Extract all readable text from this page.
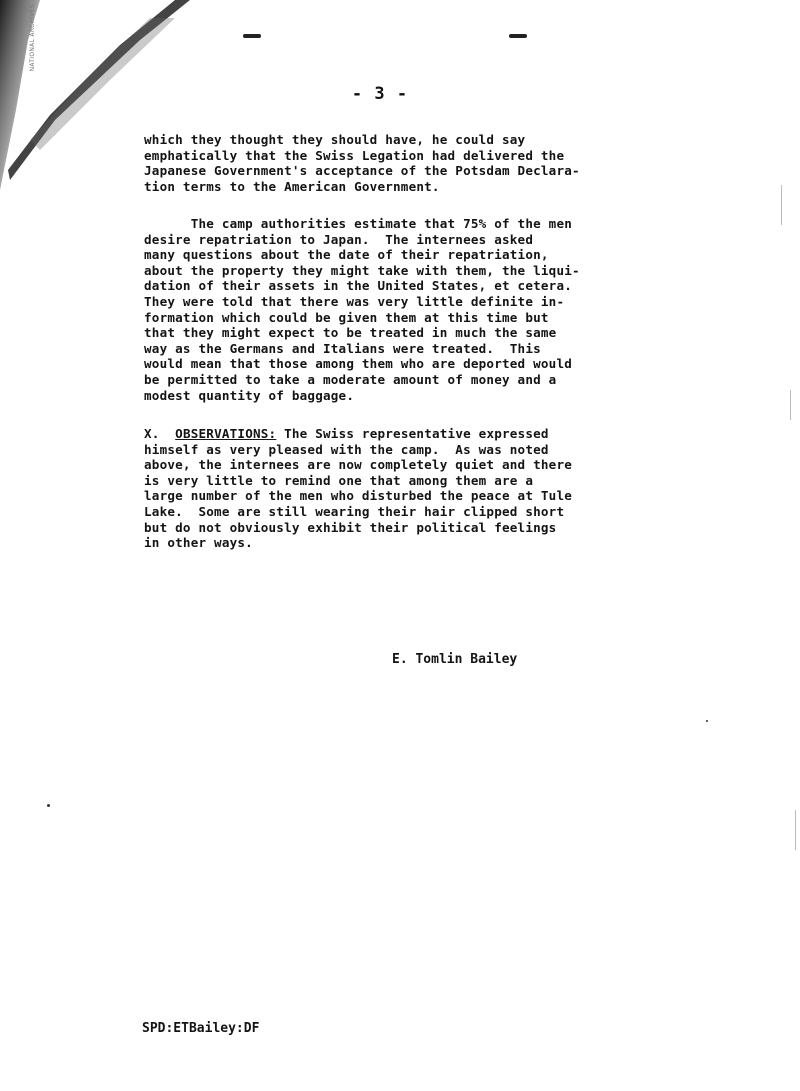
NATIONAL ARCHIVES
- 3 -
which they thought they should have, he could say
emphatically that the Swiss Legation had delivered the
Japanese Government's acceptance of the Potsdam Declara-
tion terms to the American Government.
The camp authorities estimate that 75% of the men
desire repatriation to Japan.  The internees asked
many questions about the date of their repatriation,
about the property they might take with them, the liqui-
dation of their assets in the United States, et cetera.
They were told that there was very little definite in-
formation which could be given them at this time but
that they might expect to be treated in much the same
way as the Germans and Italians were treated.  This
would mean that those among them who are deported would
be permitted to take a moderate amount of money and a
modest quantity of baggage.
X. OBSERVATIONS: The Swiss representative expressed
himself as very pleased with the camp.  As was noted
above, the internees are now completely quiet and there
is very little to remind one that among them are a
large number of the men who disturbed the peace at Tule
Lake.  Some are still wearing their hair clipped short
but do not obviously exhibit their political feelings
in other ways.
E. Tomlin Bailey
SPD:ETBailey:DF
